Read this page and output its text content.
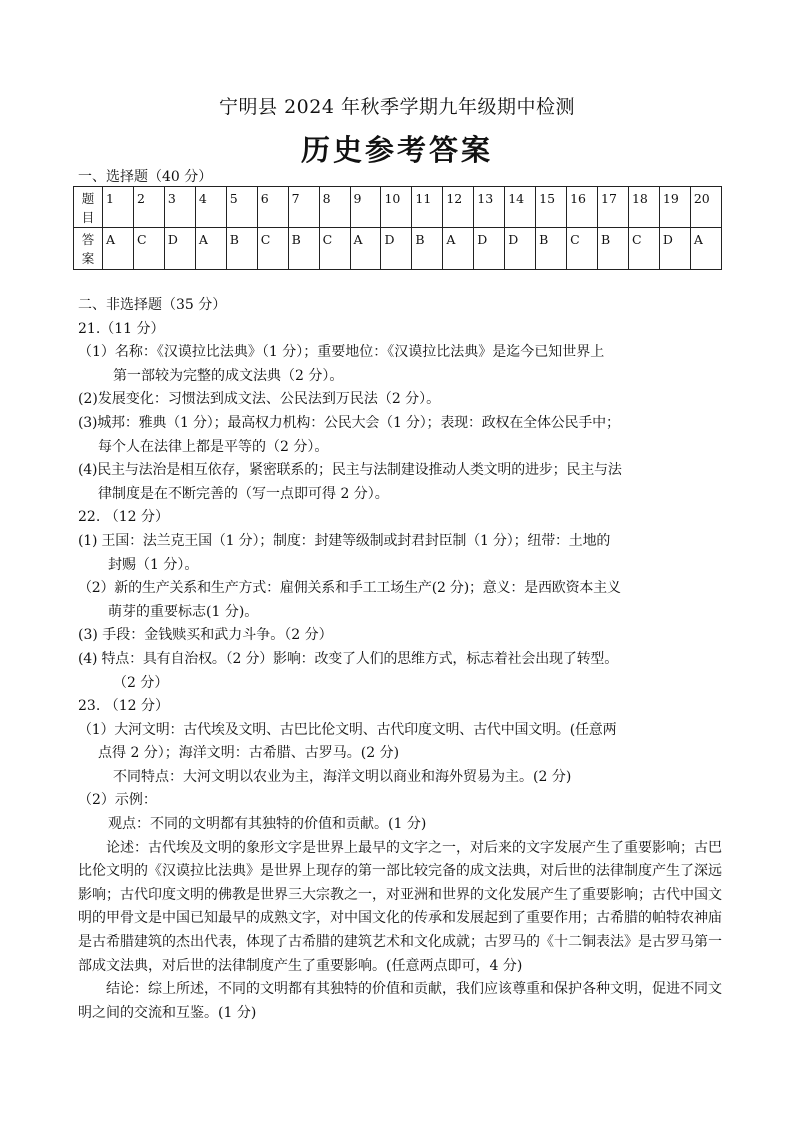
宁明县 2024 年秋季学期九年级期中检测
历史参考答案
一、选择题（40 分）
题目	1	2	3	4	5	6	7	8	9	10	11	12	13	14	15	16	17	18	19	20
答案	A	C	D	A	B	C	B	C	A	D	B	A	D	D	B	C	B	C	D	A
二、非选择题（35 分）
21.（11 分）
（1）名称：《汉谟拉比法典》（1 分）；重要地位：《汉谟拉比法典》是迄今已知世界上
第一部较为完整的成文法典（2 分）。
(2)发展变化：习惯法到成文法、公民法到万民法（2 分）。
(3)城邦：雅典（1 分）；最高权力机构：公民大会（1 分）；表现：政权在全体公民手中；
每个人在法律上都是平等的（2 分）。
(4)民主与法治是相互依存，紧密联系的；民主与法制建设推动人类文明的进步；民主与法
律制度是在不断完善的（写一点即可得 2 分）。
22. （12 分）
(1) 王国：法兰克王国（1 分）；制度：封建等级制或封君封臣制（1 分）；纽带：土地的
封赐（1 分）。
（2）新的生产关系和生产方式：雇佣关系和手工工场生产(2 分)；意义：是西欧资本主义
萌芽的重要标志(1 分)。
(3) 手段：金钱赎买和武力斗争。（2 分）
(4) 特点：具有自治权。（2 分）影响：改变了人们的思维方式，标志着社会出现了转型。
（2 分）
23. （12 分）
（1）大河文明：古代埃及文明、古巴比伦文明、古代印度文明、古代中国文明。(任意两
点得 2 分）；海洋文明：古希腊、古罗马。(2 分)
不同特点：大河文明以农业为主，海洋文明以商业和海外贸易为主。(2 分)
（2）示例：
观点：不同的文明都有其独特的价值和贡献。(1 分)
论述：古代埃及文明的象形文字是世界上最早的文字之一，对后来的文字发展产生了重要影响；古巴比伦文明的《汉谟拉比法典》是世界上现存的第一部比较完备的成文法典，对后世的法律制度产生了深远影响；古代印度文明的佛教是世界三大宗教之一，对亚洲和世界的文化发展产生了重要影响；古代中国文明的甲骨文是中国已知最早的成熟文字，对中国文化的传承和发展起到了重要作用；古希腊的帕特农神庙是古希腊建筑的杰出代表，体现了古希腊的建筑艺术和文化成就；古罗马的《十二铜表法》是古罗马第一部成文法典，对后世的法律制度产生了重要影响。(任意两点即可，4 分)
结论：综上所述，不同的文明都有其独特的价值和贡献，我们应该尊重和保护各种文明，促进不同文明之间的交流和互鉴。(1 分)
